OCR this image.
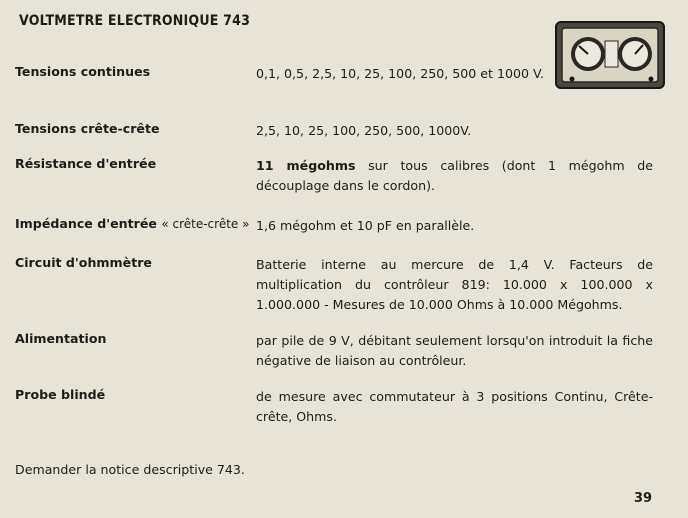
VOLTMETRE ELECTRONIQUE 743
Tensions continues	0,1, 0,5, 2,5, 10, 25, 100, 250, 500 et 1000 V.
Tensions crête-crête	2,5, 10, 25, 100, 250, 500, 1000V.
Résistance d'entrée	11 mégohms sur tous calibres (dont 1 mégohm de découplage dans le cordon).
Impédance d'entrée « crête-crête » 1,6 mégohm et 10 pF en parallèle.
Circuit d'ohmmètre	Batterie interne au mercure de 1,4 V. Facteurs de multiplication du contrôleur 819: 10.000 x 100.000 x 1.000.000 - Mesures de 10.000 Ohms à 10.000 Mégohms.
Alimentation	par pile de 9 V, débitant seulement lorsqu'on introduit la fiche négative de liaison au contrôleur.
Probe blindé	de mesure avec commutateur à 3 positions Continu, Crête-crête, Ohms.
Demander la notice descriptive 743.
39
